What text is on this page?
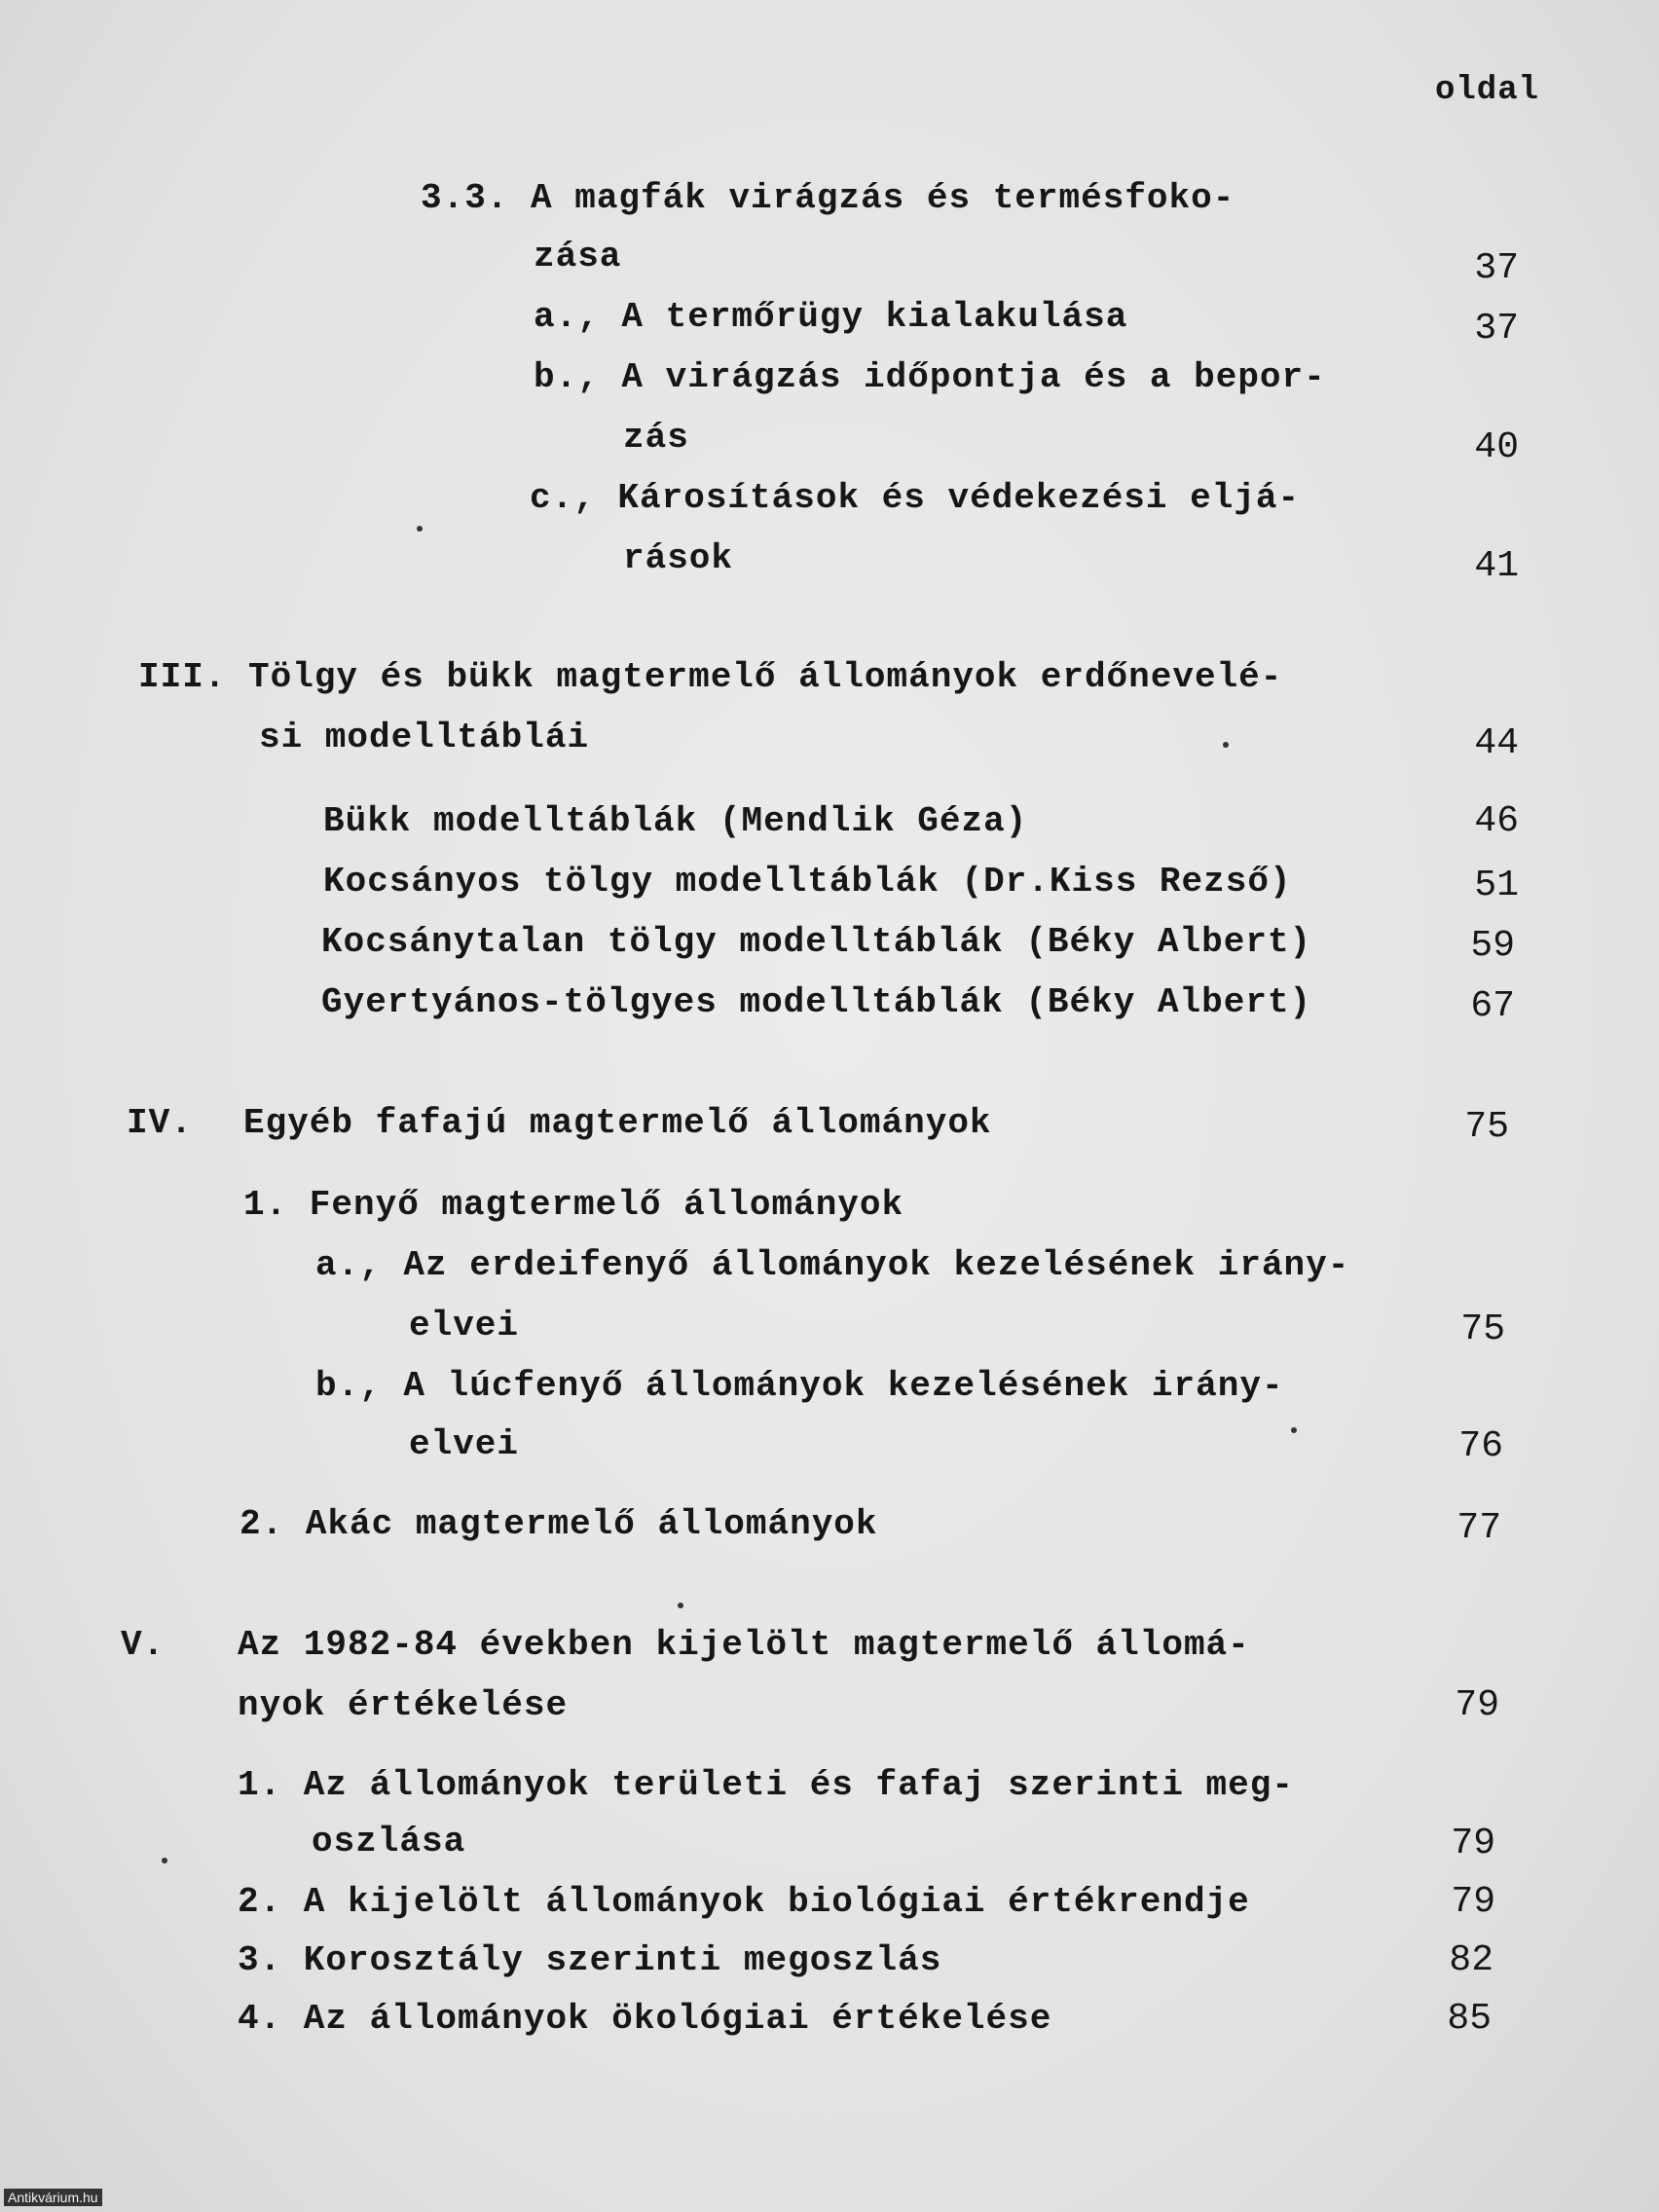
oldal
3.3. A magfák virágzás és termésfoko-
zása	37
a., A termőrügy kialakulása	37
b., A virágzás időpontja és a bepor-
zás	40
c., Károsítások és védekezési eljá-
rások	41
III. Tölgy és bükk magtermelő állományok erdőnevelé-
si modelltáblái	44
Bükk modelltáblák (Mendlik Géza)	46
Kocsányos tölgy modelltáblák (Dr.Kiss Rezső)	51
Kocsánytalan tölgy modelltáblák (Béky Albert)	59
Gyertyános-tölgyes modelltáblák (Béky Albert)	67
IV. Egyéb fafajú magtermelő állományok	75
1. Fenyő magtermelő állományok
a., Az erdeifenyő állományok kezelésének irány-
elvei	75
b., A lúcfenyő állományok kezelésének irány-
elvei	76
2. Akác magtermelő állományok	77
V. Az 1982-84 években kijelölt magtermelő állomá-
nyok értékelése	79
1. Az állományok területi és fafaj szerinti meg-
oszlása	79
2. A kijelölt állományok biológiai értékrendje	79
3. Korosztály szerinti megoszlás	82
4. Az állományok ökológiai értékelése	85
Antikvárium.hu
